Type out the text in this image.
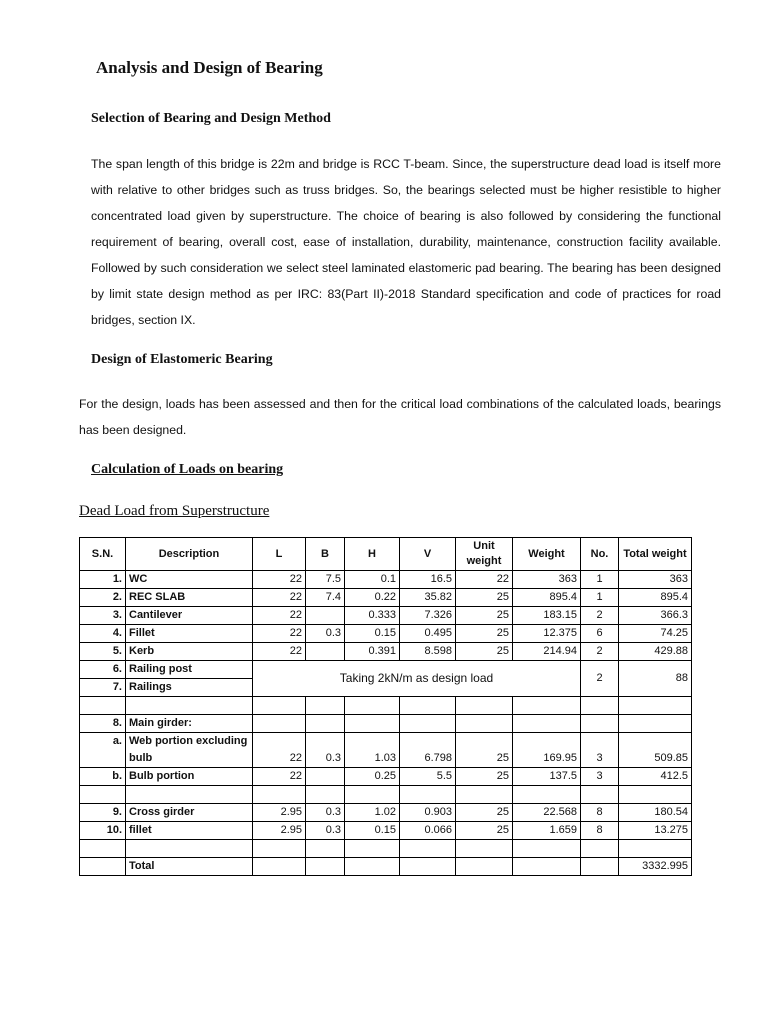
Analysis and Design of Bearing
Selection of Bearing and Design Method

The span length of this bridge is 22m and bridge is RCC T-beam. Since, the superstructure dead load is itself more with relative to other bridges such as truss bridges. So, the bearings selected must be higher resistible to higher concentrated load given by superstructure. The choice of bearing is also followed by considering the functional requirement of bearing, overall cost, ease of installation, durability, maintenance, construction facility available. Followed by such consideration we select steel laminated elastomeric pad bearing. The bearing has been designed by limit state design method as per IRC: 83(Part II)-2018 Standard specification and code of practices for road bridges, section IX.

Design of Elastomeric Bearing

For the design, loads has been assessed and then for the critical load combinations of the calculated loads, bearings has been designed.

Calculation of Loads on bearing
Dead Load from Superstructure
S.N.	Description	L	B	H	V	Unit weight	Weight	No.	Total weight
1.	WC	22	7.5	0.1	16.5	22	363	1	363
2.	REC SLAB	22	7.4	0.22	35.82	25	895.4	1	895.4
3.	Cantilever	22		0.333	7.326	25	183.15	2	366.3
4.	Fillet	22	0.3	0.15	0.495	25	12.375	6	74.25
5.	Kerb	22		0.391	8.598	25	214.94	2	429.88
6.	Railing post	Taking 2kN/m as design load						2	88
7.	Railings								

8.	Main girder:								
a.	Web portion excluding bulb	22	0.3	1.03	6.798	25	169.95	3	509.85
b.	Bulb portion	22		0.25	5.5	25	137.5	3	412.5

9.	Cross girder	2.95	0.3	1.02	0.903	25	22.568	8	180.54
10.	fillet	2.95	0.3	0.15	0.066	25	1.659	8	13.275

	Total								3332.995
